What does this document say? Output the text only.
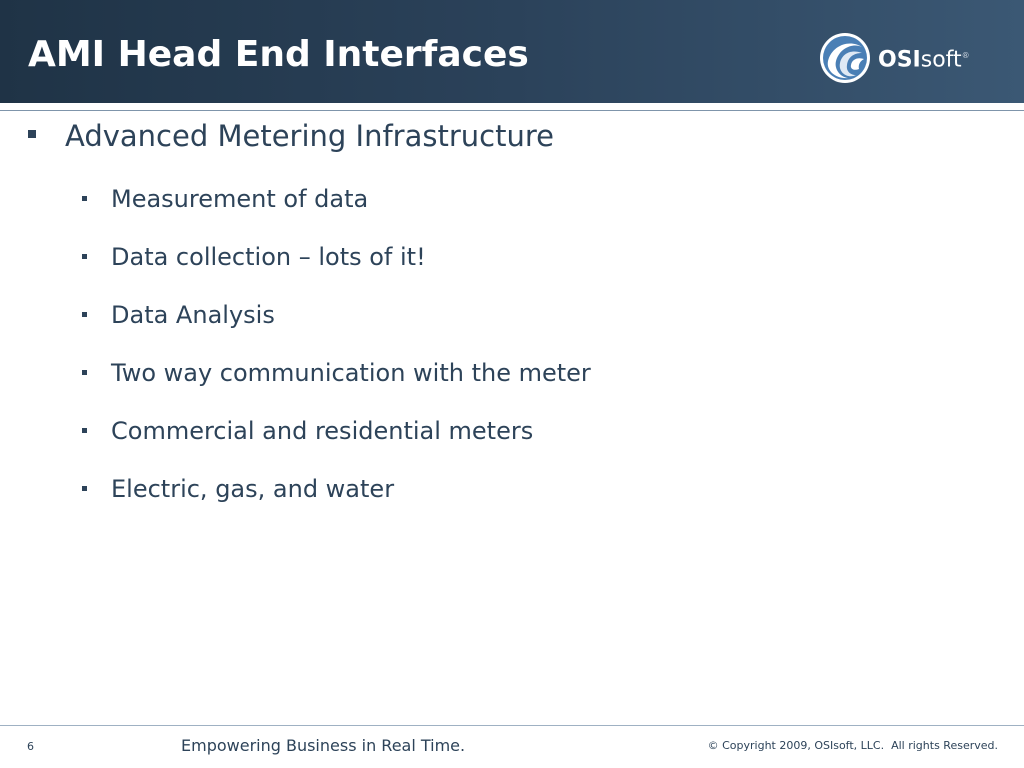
AMI Head End Interfaces	OSIsoft®
Advanced Metering Infrastructure
Measurement of data
Data collection – lots of it!
Data Analysis
Two way communication with the meter
Commercial and residential meters
Electric, gas, and water
6	Empowering Business in Real Time.	© Copyright 2009, OSIsoft, LLC.  All rights Reserved.
